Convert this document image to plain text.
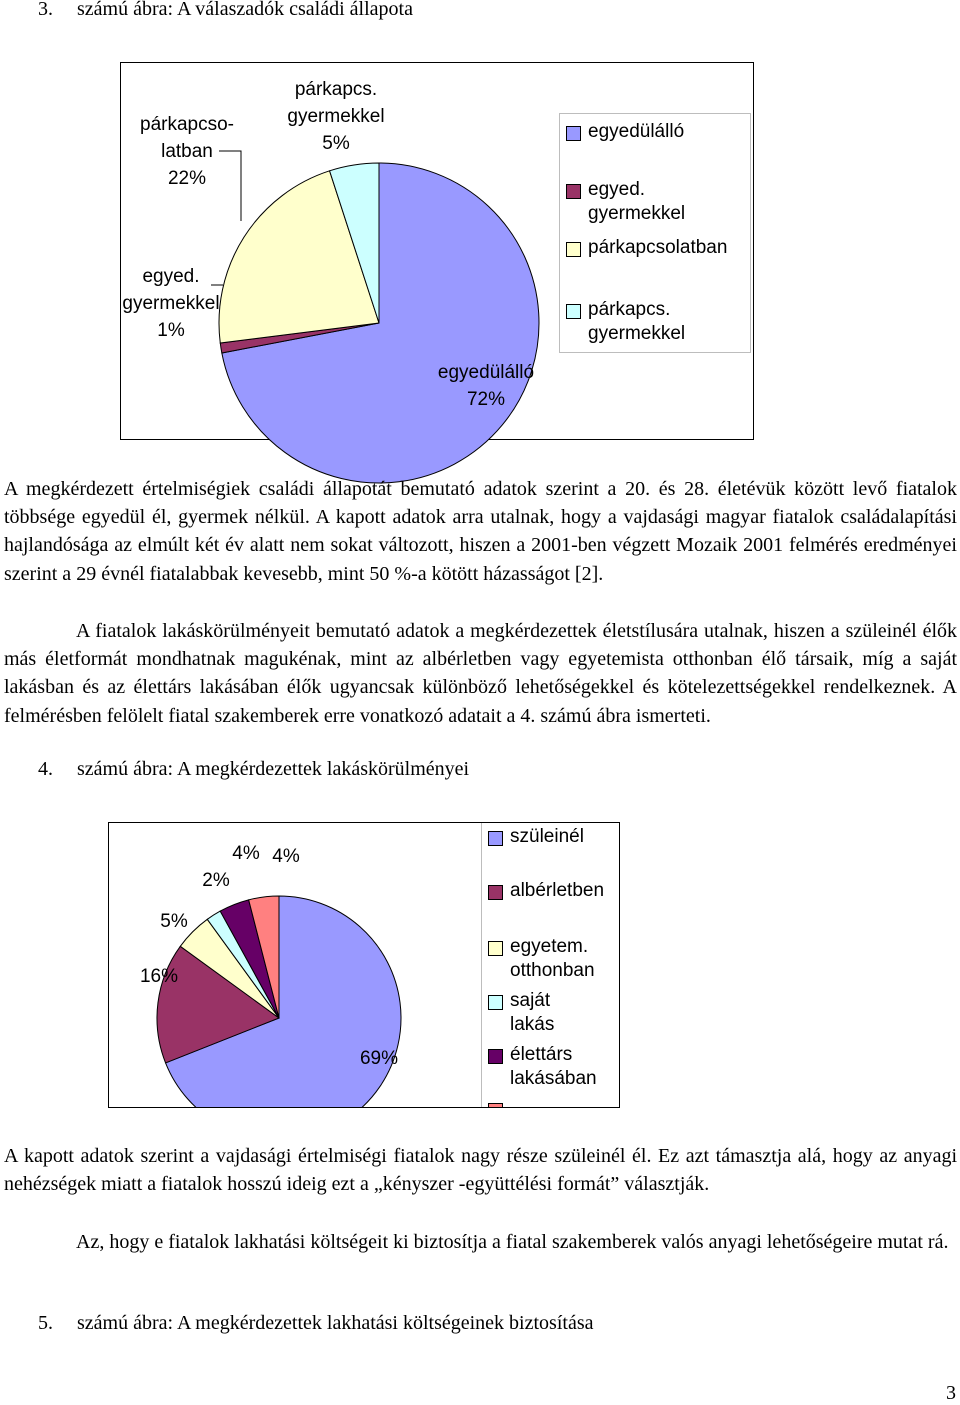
3. számú ábra: A válaszadók családi állapota
párkapcso-
latban
22%
párkapcs.
gyermekkel
5%
egyed.
gyermekkel
1%
egyedülálló
72%
egyedülálló
egyed.
gyermekkel
párkapcsolatban
párkapcs.
gyermekkel

A megkérdezett értelmiségiek családi állapotát bemutató adatok szerint a 20. és 28. életévük között levő fiatalok többsége egyedül él, gyermek nélkül. A kapott adatok arra utalnak, hogy a vajdasági magyar fiatalok családalapítási hajlandósága az elmúlt két év alatt nem sokat változott, hiszen a 2001-ben végzett Mozaik 2001 felmérés eredményei szerint a 29 évnél fiatalabbak kevesebb, mint 50 %-a kötött házasságot [2].

A fiatalok lakáskörülményeit bemutató adatok a megkérdezettek életstílusára utalnak, hiszen a szüleinél élők más életformát mondhatnak magukénak, mint az albérletben vagy egyetemista otthonban élő társaik, míg a saját lakásban és az élettárs lakásában élők ugyancsak különböző lehetőségekkel és kötelezettségekkel rendelkeznek. A felmérésben felölelt fiatal szakemberek erre vonatkozó adatait a 4. számú ábra ismerteti.

4. számú ábra: A megkérdezettek lakáskörülményei
69%
16%
5%
2%
4% 4%
szüleinél
albérletben
egyetem.
otthonban
saját lakás
élettárs
lakásában

A kapott adatok szerint a vajdasági értelmiségi fiatalok nagy része szüleinél él. Ez azt támasztja alá, hogy az anyagi nehézségek miatt a fiatalok hosszú ideig ezt a „kényszer -együttélési formát” választják.

Az, hogy e fiatalok lakhatási költségeit ki biztosítja a fiatal szakemberek valós anyagi lehetőségeire mutat rá.

5. számú ábra: A megkérdezettek lakhatási költségeinek biztosítása
3
